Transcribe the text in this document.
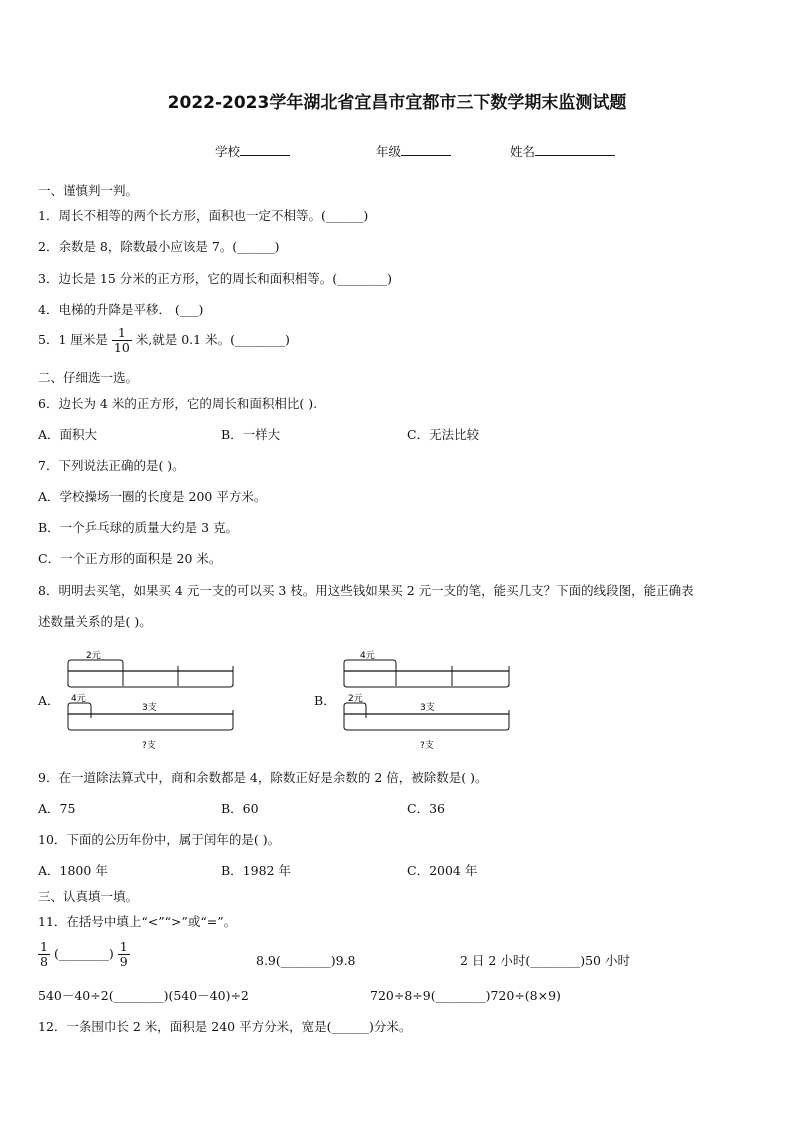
2022-2023学年湖北省宜昌市宜都市三下数学期末监测试题
学校	年级	姓名
一、谨慎判一判。
1．周长不相等的两个长方形，面积也一定不相等。(______)
2．余数是 8，除数最小应该是 7。(______)
3．边长是 15 分米的正方形，它的周长和面积相等。(________)
4．电梯的升降是平移． (___)
5．1 厘米是 $\frac{1}{10}$ 米,就是 0.1 米。(________)
二、仔细选一选。
6．边长为 4 米的正方形，它的周长和面积相比( ).
A．面积大	B．一样大	C．无法比较
7．下列说法正确的是( )。
A．学校操场一圈的长度是 200 平方米。
B．一个乒乓球的质量大约是 3 克。
C．一个正方形的面积是 20 米。
8．明明去买笔，如果买 4 元一支的可以买 3 枝。用这些钱如果买 2 元一支的笔，能买几支？下面的线段图，能正确表
述数量关系的是( )。
A．
2元
3支
4元
?支
B．
4元
3支
2元
?支
9．在一道除法算式中，商和余数都是 4，除数正好是余数的 2 倍，被除数是( )。
A．75	B．60	C．36
10．下面的公历年份中，属于闰年的是( )。
A．1800 年	B．1982 年	C．2004 年
三、认真填一填。
11．在括号中填上“<”“>”或“=”。
$\frac{1}{8}$ (________) $\frac{1}{9}$	8.9(________)9.8	2 日 2 小时(________)50 小时
540－40÷2(________)(540－40)÷2	720÷8÷9(________)720÷(8×9)
12．一条围巾长 2 米，面积是 240 平方分米，宽是(______)分米。
